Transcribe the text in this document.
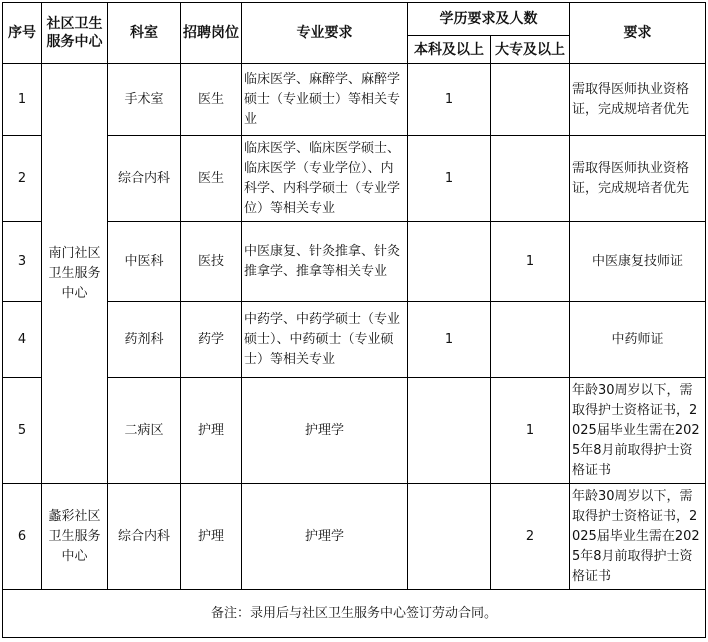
序号	社区卫生服务中心	科室	招聘岗位	专业要求	学历要求及人数		要求
					本科及以上	大专及以上	
1	南门社区卫生服务中心	手术室	医生	临床医学、麻醉学、麻醉学硕士（专业硕士）等相关专业	1		需取得医师执业资格证，完成规培者优先
2		综合内科	医生	临床医学、临床医学硕士、临床医学（专业学位）、内科学、内科学硕士（专业学位）等相关专业	1		需取得医师执业资格证，完成规培者优先
3		中医科	医技	中医康复、针灸推拿、针灸推拿学、推拿等相关专业		1	中医康复技师证
4		药剂科	药学	中药学、中药学硕士（专业硕士）、中药硕士（专业硕士）等相关专业	1		中药师证
5		二病区	护理	护理学		1	年龄30周岁以下，需取得护士资格证书，2025届毕业生需在2025年8月前取得护士资格证书
6	蠡彩社区卫生服务中心	综合内科	护理	护理学		2	年龄30周岁以下，需取得护士资格证书，2025届毕业生需在2025年8月前取得护士资格证书
备注：录用后与社区卫生服务中心签订劳动合同。							
